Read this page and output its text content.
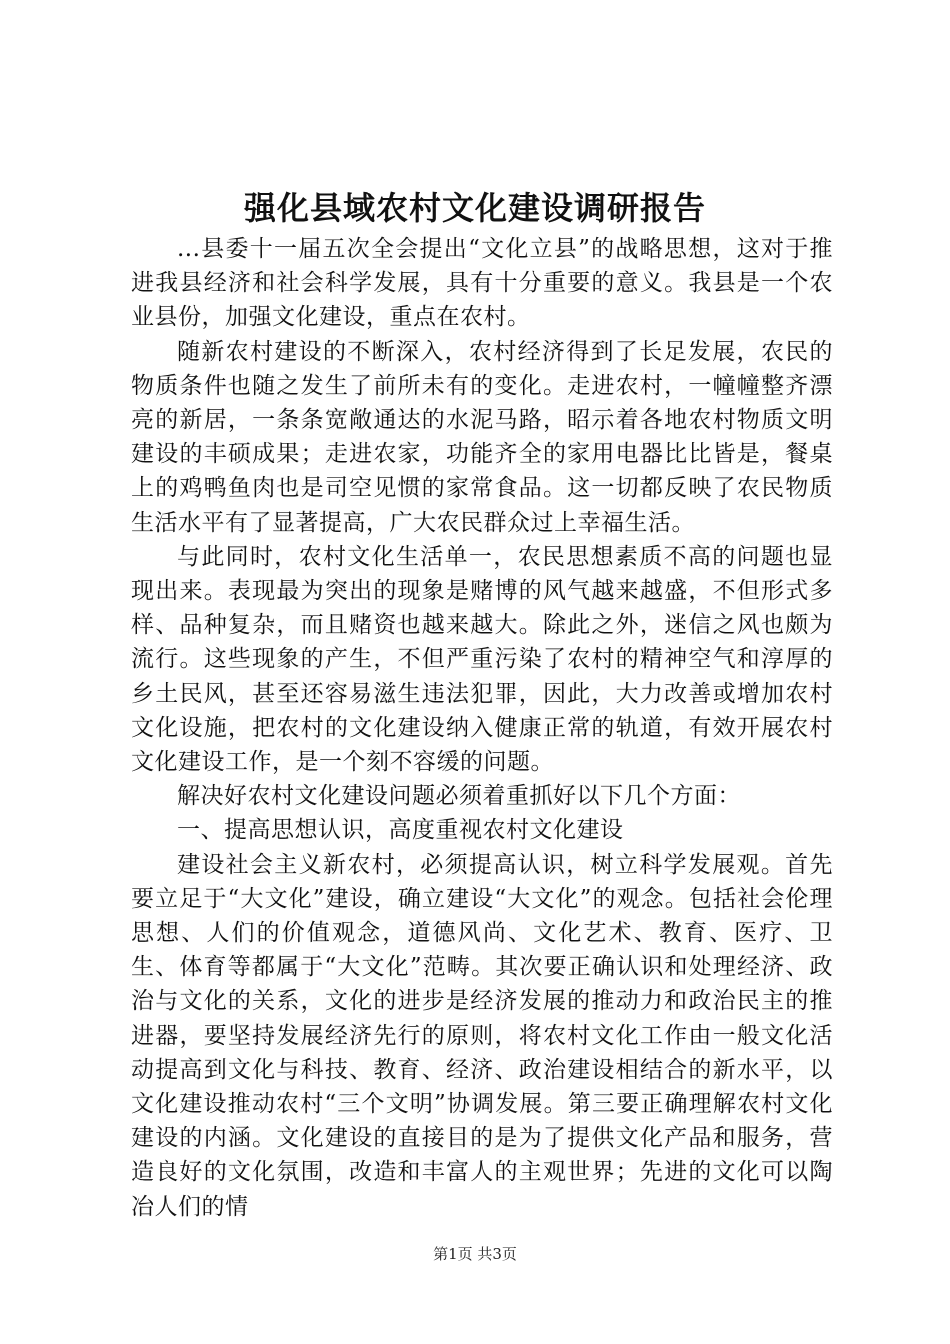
强化县域农村文化建设调研报告

...县委十一届五次全会提出“文化立县”的战略思想，这对于推进我县经济和社会科学发展，具有十分重要的意义。我县是一个农业县份，加强文化建设，重点在农村。

随新农村建设的不断深入，农村经济得到了长足发展，农民的物质条件也随之发生了前所未有的变化。走进农村，一幢幢整齐漂亮的新居，一条条宽敞通达的水泥马路，昭示着各地农村物质文明建设的丰硕成果；走进农家，功能齐全的家用电器比比皆是，餐桌上的鸡鸭鱼肉也是司空见惯的家常食品。这一切都反映了农民物质生活水平有了显著提高，广大农民群众过上幸福生活。

与此同时，农村文化生活单一，农民思想素质不高的问题也显现出来。表现最为突出的现象是赌博的风气越来越盛，不但形式多样、品种复杂，而且赌资也越来越大。除此之外，迷信之风也颇为流行。这些现象的产生，不但严重污染了农村的精神空气和淳厚的乡土民风，甚至还容易滋生违法犯罪，因此，大力改善或增加农村文化设施，把农村的文化建设纳入健康正常的轨道，有效开展农村文化建设工作，是一个刻不容缓的问题。

解决好农村文化建设问题必须着重抓好以下几个方面：

一、提高思想认识，高度重视农村文化建设

建设社会主义新农村，必须提高认识，树立科学发展观。首先要立足于“大文化”建设，确立建设“大文化”的观念。包括社会伦理思想、人们的价值观念，道德风尚、文化艺术、教育、医疗、卫生、体育等都属于“大文化”范畴。其次要正确认识和处理经济、政治与文化的关系，文化的进步是经济发展的推动力和政治民主的推进器，要坚持发展经济先行的原则，将农村文化工作由一般文化活动提高到文化与科技、教育、经济、政治建设相结合的新水平，以文化建设推动农村“三个文明”协调发展。第三要正确理解农村文化建设的内涵。文化建设的直接目的是为了提供文化产品和服务，营造良好的文化氛围，改造和丰富人的主观世界；先进的文化可以陶冶人们的情

第1页 共3页
